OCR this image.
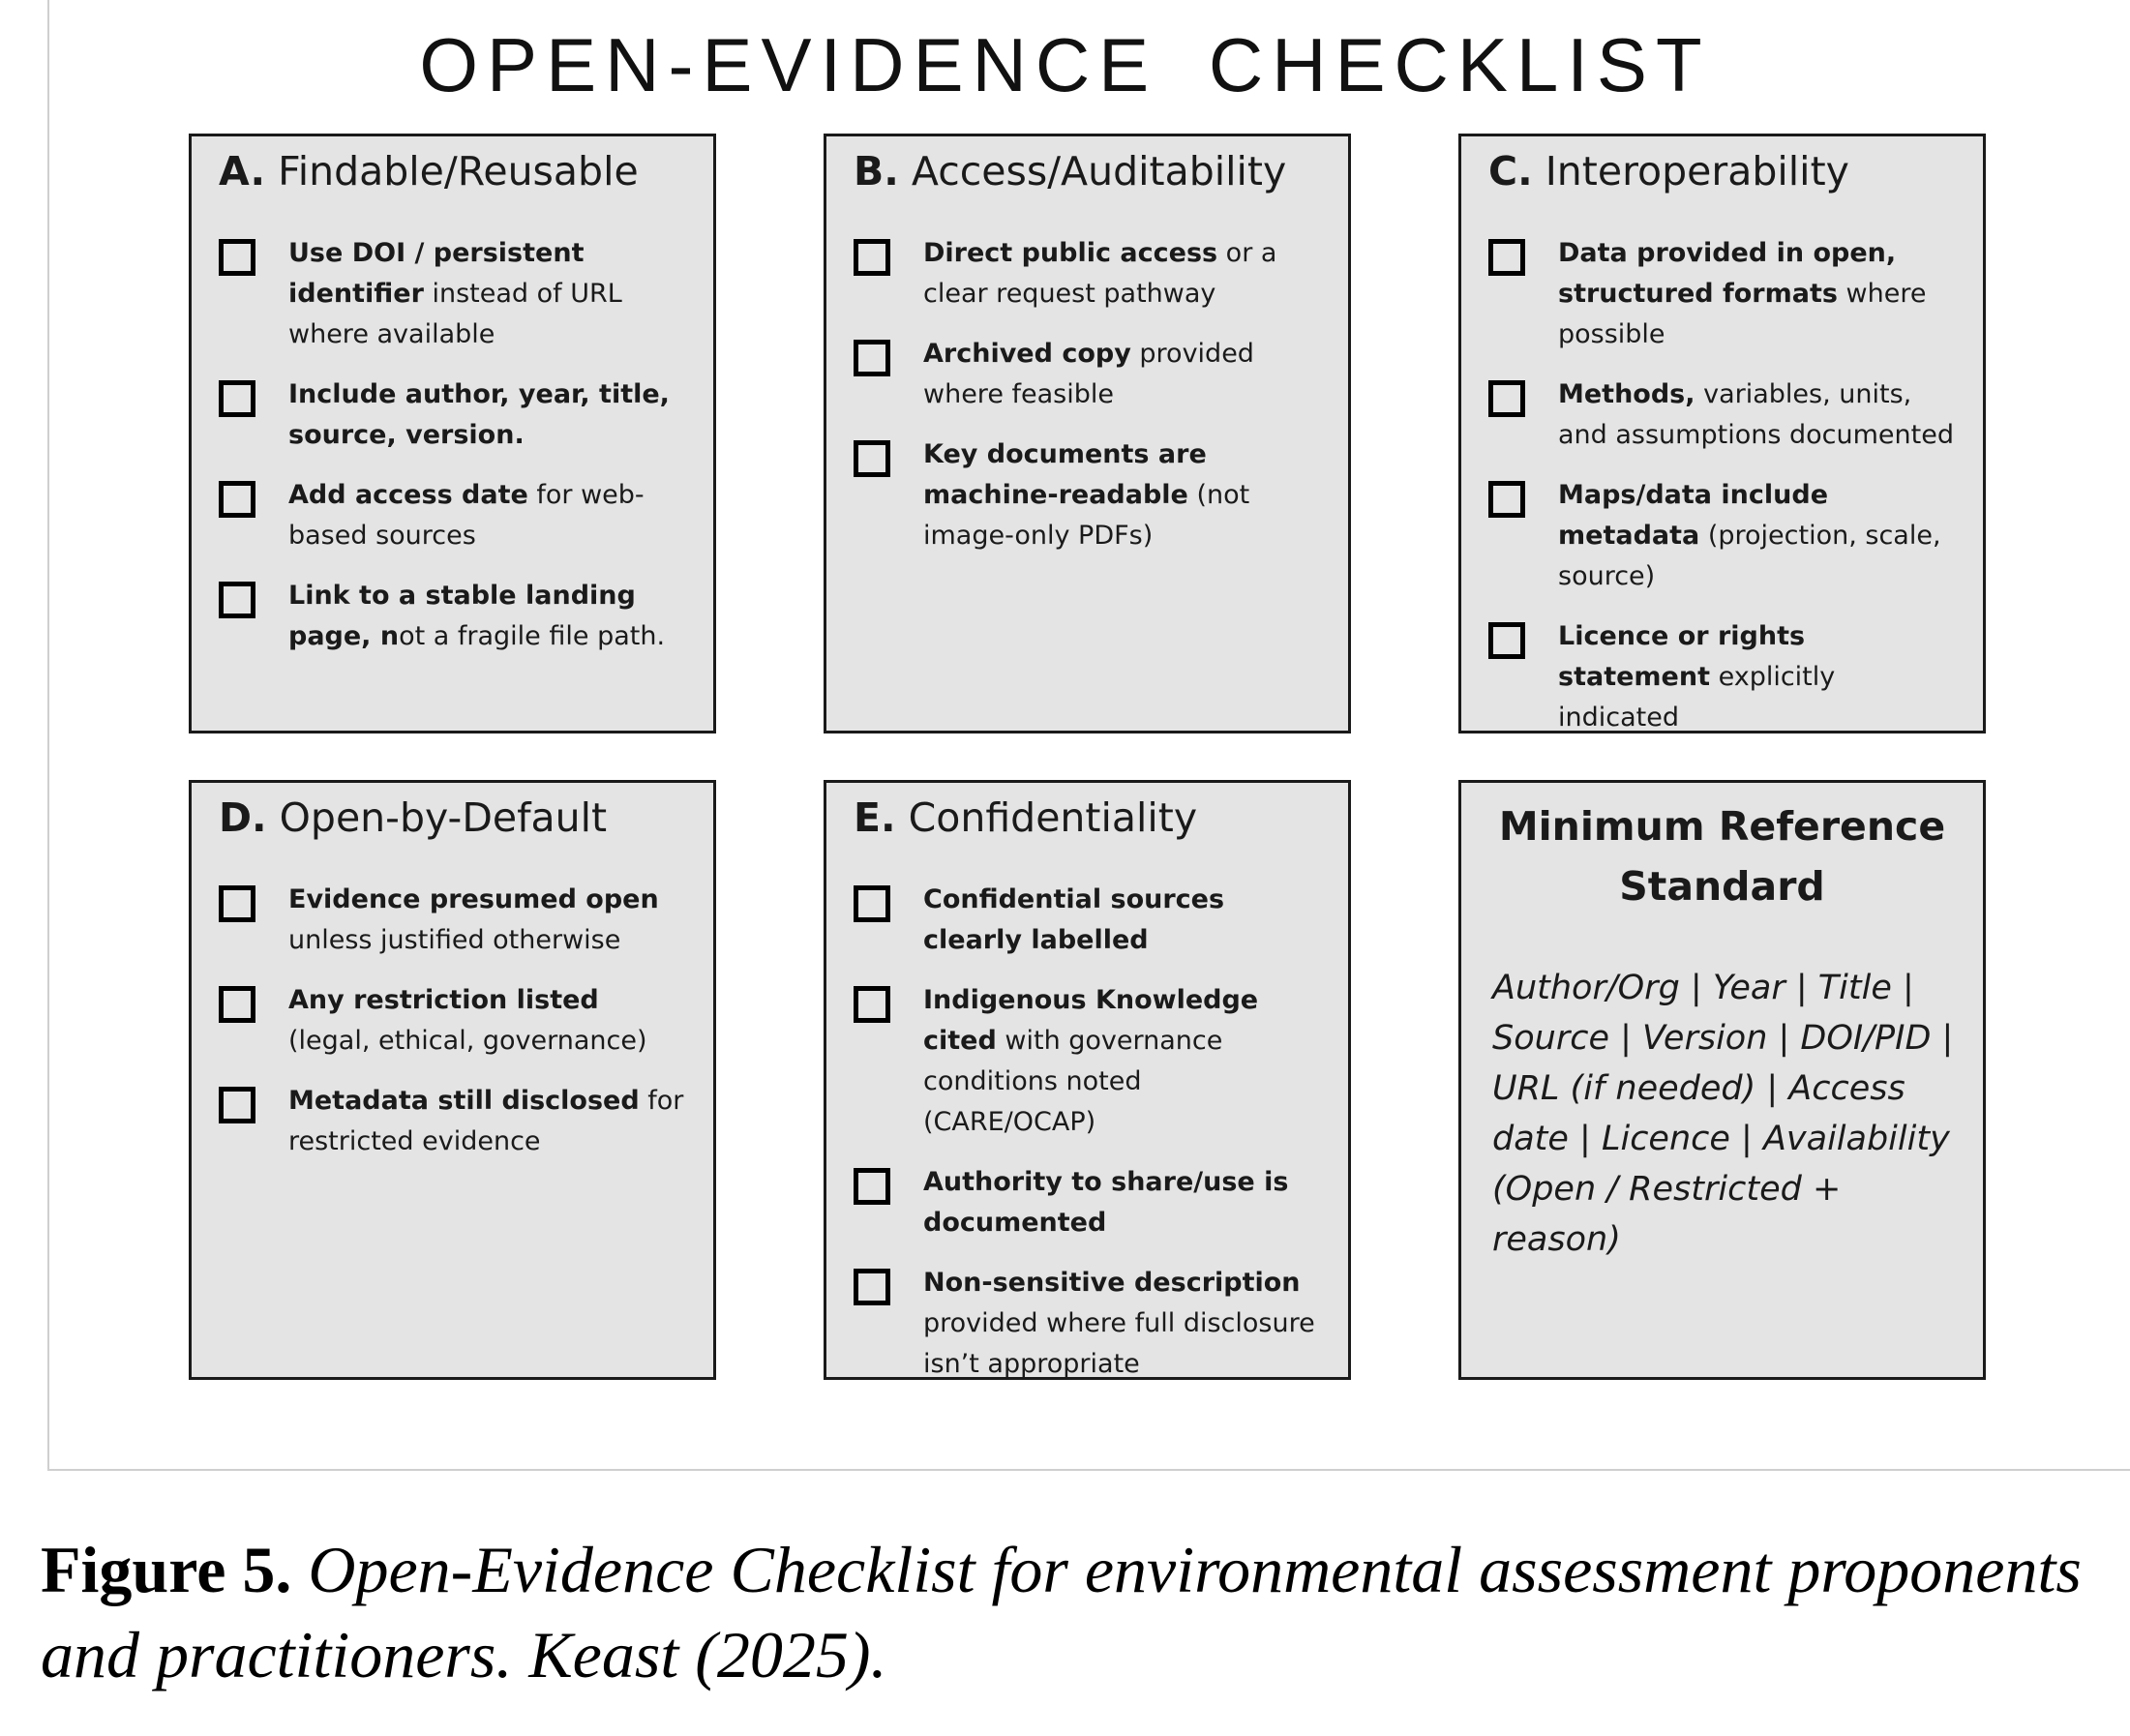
OPEN-EVIDENCE CHECKLIST
A. Findable/Reusable
Use DOI / persistent identifier instead of URL where available
Include author, year, title, source, version.
Add access date for web-based sources
Link to a stable landing page, not a fragile file path.
B. Access/Auditability
Direct public access or a clear request pathway
Archived copy provided where feasible
Key documents are machine-readable (not image-only PDFs)
C. Interoperability
Data provided in open, structured formats where possible
Methods, variables, units, and assumptions documented
Maps/data include metadata (projection, scale, source)
Licence or rights statement explicitly indicated
D. Open-by-Default
Evidence presumed open unless justified otherwise
Any restriction listed (legal, ethical, governance)
Metadata still disclosed for restricted evidence
E. Confidentiality
Confidential sources clearly labelled
Indigenous Knowledge cited with governance conditions noted (CARE/OCAP)
Authority to share/use is documented
Non-sensitive description provided where full disclosure isn’t appropriate
Minimum Reference Standard
Author/Org | Year | Title | Source | Version | DOI/PID | URL (if needed) | Access date | Licence | Availability (Open / Restricted + reason)
Figure 5. Open-Evidence Checklist for environmental assessment proponents and practitioners. Keast (2025).
